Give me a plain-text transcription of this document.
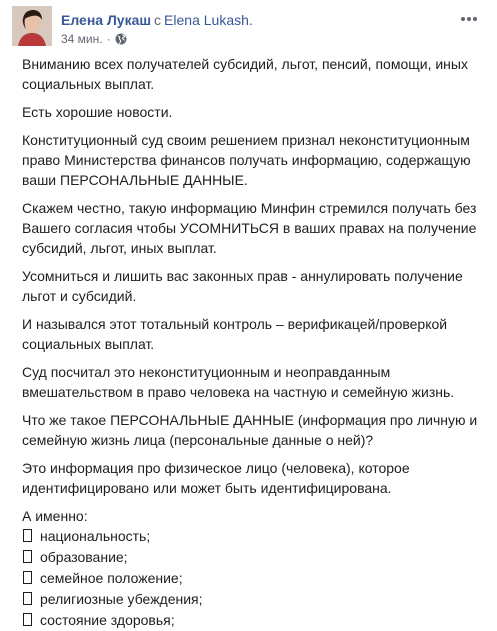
Елена Лукаш с Elena Lukash.
34 мин. ·

Вниманию всех получателей субсидий, льгот, пенсий, помощи, иных социальных выплат.

Есть хорошие новости.

Конституционный суд своим решением признал неконституционным право Министерства финансов получать информацию, содержащую ваши ПЕРСОНАЛЬНЫЕ ДАННЫЕ.

Скажем честно, такую информацию Минфин стремился получать без Вашего согласия чтобы УСОМНИТЬСЯ в ваших правах на получение субсидий, льгот, иных выплат.

Усомниться и лишить вас законных прав - аннулировать получение льгот и субсидий.

И назывался этот тотальный контроль – верификацей/проверкой социальных выплат.

Суд посчитал это неконституционным и неоправданным вмешательством в право человека на частную и семейную жизнь.

Что же такое ПЕРСОНАЛЬНЫЕ ДАННЫЕ (информация про личную и семейную жизнь лица (персональные данные о ней)?

Это информация про физическое лицо (человека), которое идентифицировано или может быть идентифицирована.

А именно:

национальность;
образование;
семейное положение;
религиозные убеждения;
состояние здоровья;
